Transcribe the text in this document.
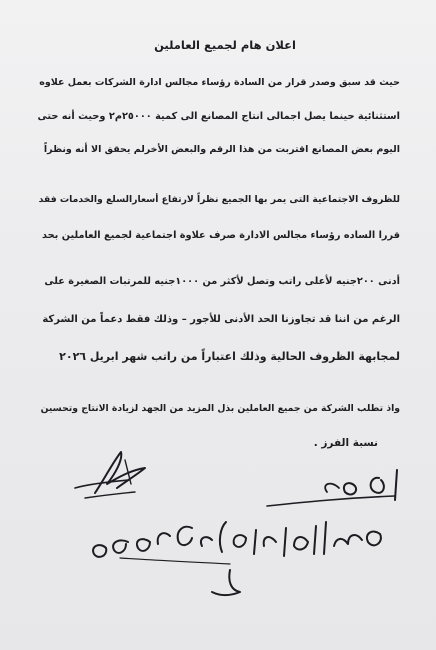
اعلان هام لجميع العاملين
حيث قد سبق وصدر قرار من السادة رؤساء مجالس ادارة الشركات بعمل علاوه
استثنائية حينما يصل اجمالى انتاج المصانع الى كمية ٢٥٠٠٠م٢ وحيث أنه حتى
اليوم بعض المصانع اقتربت من هذا الرقم والبعض الأخرلم يحقق الا أنه ونظراً
للظروف الاجتماعية التى يمر بها الجميع نظراً لارتفاع أسعارالسلع والخدمات فقد
قررا الساده رؤساء مجالس الادارة صرف علاوة اجتماعية لجميع العاملين بحد
أدنى ٢٠٠جنيه لأعلى راتب وتصل لأكثر من ١٠٠٠جنيه للمرتبات الصغيرة على
الرغم من اننا قد تجاوزنا الحد الأدنى للأجور – وذلك فقط دعماً من الشركة
لمجابهة الظروف الحالية وذلك اعتباراً من راتب شهر ابريل ٢٠٢٦
واذ تطلب الشركة من جميع العاملين بذل المزيد من الجهد لزيادة الانتاج وتحسين
نسبة الفرز .
